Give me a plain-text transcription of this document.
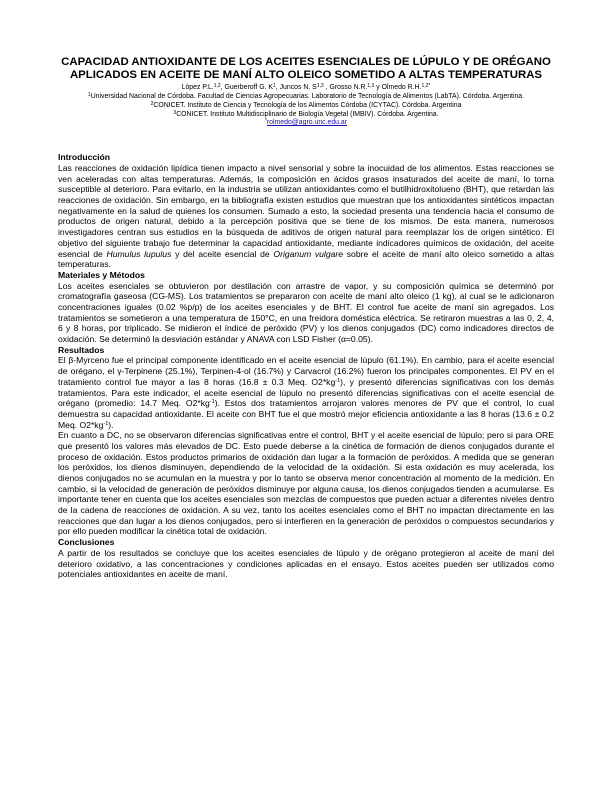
CAPACIDAD ANTIOXIDANTE DE LOS ACEITES ESENCIALES DE LÚPULO Y DE ORÉGANO APLICADOS EN ACEITE DE MANÍ ALTO OLEICO SOMETIDO A ALTAS TEMPERATURAS
López P.L.$^{1,2}$, Guerberoff G. $K^1$, Juncos N. S$^{1,3}$ , Grosso N.R.$^{1,3}$ y Olmedo R.H.$^{1,2*}$
$^1$Universidad Nacional de Córdoba. Facultad de Ciencias Agropecuarias. Laboratorio de Tecnología de Alimentos (LabTA). Córdoba. Argentina.
$^2$CONICET. Instituto de Ciencia y Tecnología de los Alimentos Córdoba (ICYTAC). Córdoba. Argentina
$^3$CONICET. Instituto Multidisciplinario de Biología Vegetal (IMBIV). Córdoba. Argentina.
*rolmedo@agro.unc.edu.ar
Introducción

Las reacciones de oxidación lipídica tienen impacto a nivel sensorial y sobre la inocuidad de los alimentos. Estas reacciones se ven aceleradas con altas temperaturas. Además, la composición en ácidos grasos insaturados del aceite de maní, lo torna susceptible al deterioro. Para evitarlo, en la industria se utilizan antioxidantes como el butilhidroxitolueno (BHT), que retardan las reacciones de oxidación. Sin embargo, en la bibliografía existen estudios que muestran que los antioxidantes sintéticos impactan negativamente en la salud de quienes los consumen. Sumado a esto, la sociedad presenta una tendencia hacia el consumo de productos de origen natural, debido a la percepción positiva que se tiene de los mismos. De esta manera, numerosos investigadores centran sus estudios en la búsqueda de aditivos de origen natural para reemplazar los de origen sintético. El objetivo del siguiente trabajo fue determinar la capacidad antioxidante, mediante indicadores químicos de oxidación, del aceite esencial de Humulus lupulus y del aceite esencial de Origanum vulgare sobre el aceite de maní alto oleico sometido a altas temperaturas.

Materiales y Métodos

Los aceites esenciales se obtuvieron por destilación con arrastre de vapor, y su composición química se determinó por cromatografía gaseosa (CG-MS). Los tratamientos se prepararon con aceite de maní alto oleico (1 kg), al cual se le adicionaron concentraciones iguales (0.02 %p/p) de los aceites esenciales y de BHT. El control fue aceite de maní sin agregados. Los tratamientos se sometieron a una temperatura de 150°C, en una freidora doméstica eléctrica. Se retiraron muestras a las 0, 2, 4, 6 y 8 horas, por triplicado. Se midieron el índice de peróxido (PV) y los dienos conjugados (DC) como indicadores directos de oxidación. Se determinó la desviación estándar y ANAVA con LSD Fisher (α=0.05).

Resultados

El β-Myrceno fue el principal componente identificado en el aceite esencial de lúpulo (61.1%). En cambio, para el aceite esencial de orégano, el γ-Terpinene (25.1%), Terpinen-4-ol (16.7%) y Carvacrol (16.2%) fueron los principales componentes. El PV en el tratamiento control fue mayor a las 8 horas (16.8 ± 0.3 Meq. $O2*kg^{-1}$), y presentó diferencias significativas con los demás tratamientos. Para este indicador, el aceite esencial de lúpulo no presentó diferencias significativas con el aceite esencial de orégano (promedio: 14.7 Meq. $O2*kg^{-1}$). Estos dos tratamientos arrojaron valores menores de PV que el control, lo cual demuestra su capacidad antioxidante. El aceite con BHT fue el que mostró mejor eficiencia antioxidante a las 8 horas (13.6 ± 0.2 Meq. $O2*kg^{-1}$).

En cuanto a DC, no se observaron diferencias significativas entre el control, BHT y el aceite esencial de lúpulo; pero si para ORE que presentó los valores más elevados de DC. Esto puede deberse a la cinética de formación de dienos conjugados durante el proceso de oxidación. Estos productos primarios de oxidación dan lugar a la formación de peróxidos. A medida que se generan los peróxidos, los dienos disminuyen, dependiendo de la velocidad de la oxidación. Si esta oxidación es muy acelerada, los dienos conjugados no se acumulan en la muestra y por lo tanto se observa menor concentración al momento de la medición. En cambio, si la velocidad de generación de peróxidos disminuye por alguna causa, los dienos conjugados tienden a acumularse. Es importante tener en cuenta que los aceites esenciales son mezclas de compuestos que pueden actuar a diferentes niveles dentro de la cadena de reacciones de oxidación. A su vez, tanto los aceites esenciales como el BHT no impactan directamente en las reacciones que dan lugar a los dienos conjugados, pero si interfieren en la generación de peróxidos o compuestos secundarios y por ello pueden modificar la cinética total de oxidación.

Conclusiones

A partir de los resultados se concluye que los aceites esenciales de lúpulo y de orégano protegieron al aceite de maní del deterioro oxidativo, a las concentraciones y condiciones aplicadas en el ensayo. Estos aceites pueden ser utilizados como potenciales antioxidantes en aceite de maní.
